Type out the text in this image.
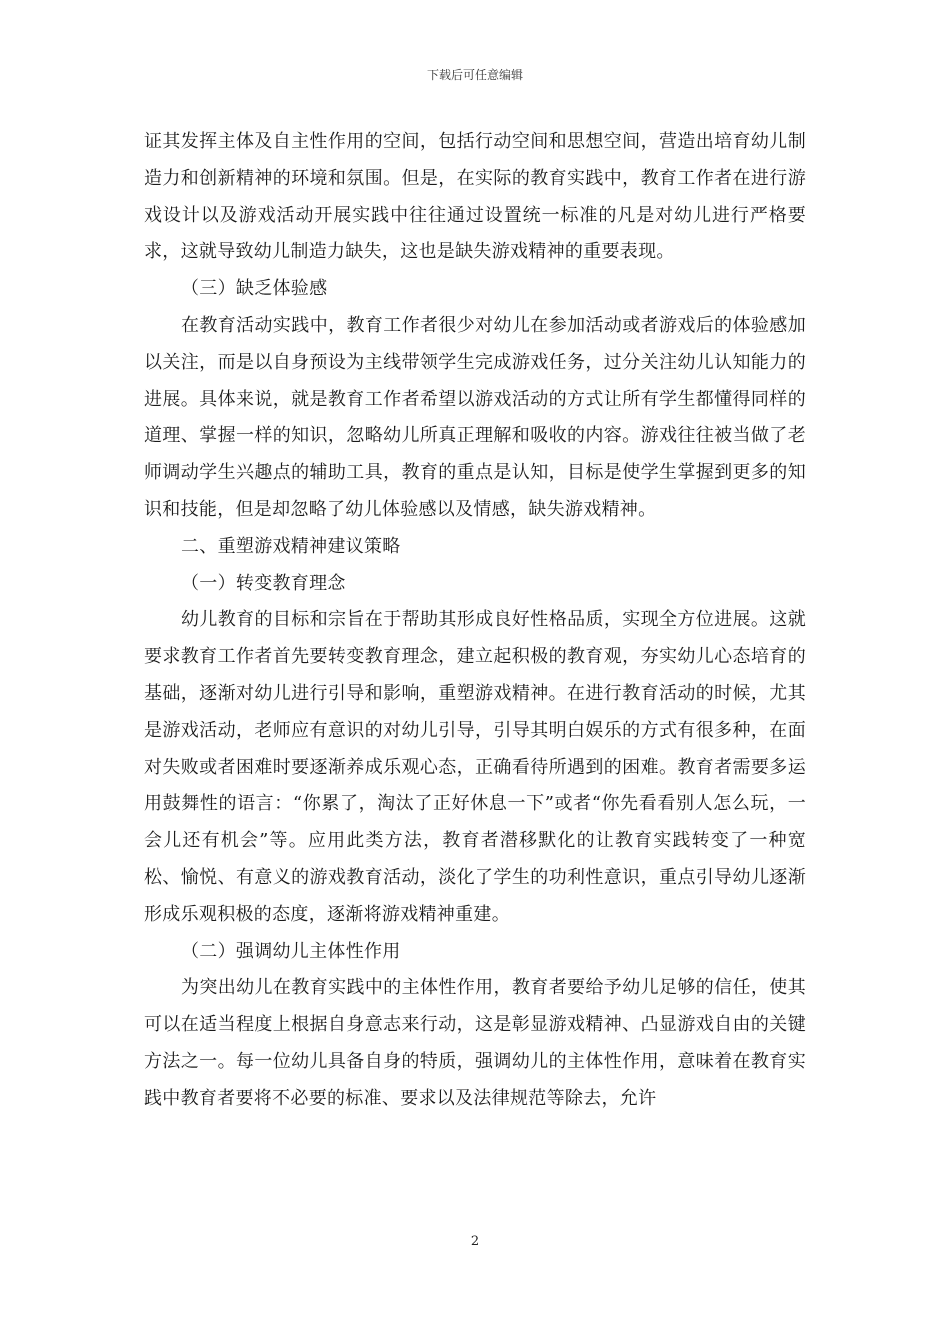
下载后可任意编辑

证其发挥主体及自主性作用的空间，包括行动空间和思想空间，营造出培育幼儿制造力和创新精神的环境和氛围。但是，在实际的教育实践中，教育工作者在进行游戏设计以及游戏活动开展实践中往往通过设置统一标准的凡是对幼儿进行严格要求，这就导致幼儿制造力缺失，这也是缺失游戏精神的重要表现。

（三）缺乏体验感

在教育活动实践中，教育工作者很少对幼儿在参加活动或者游戏后的体验感加以关注，而是以自身预设为主线带领学生完成游戏任务，过分关注幼儿认知能力的进展。具体来说，就是教育工作者希望以游戏活动的方式让所有学生都懂得同样的道理、掌握一样的知识，忽略幼儿所真正理解和吸收的内容。游戏往往被当做了老师调动学生兴趣点的辅助工具，教育的重点是认知，目标是使学生掌握到更多的知识和技能，但是却忽略了幼儿体验感以及情感，缺失游戏精神。

二、重塑游戏精神建议策略

（一）转变教育理念

幼儿教育的目标和宗旨在于帮助其形成良好性格品质，实现全方位进展。这就要求教育工作者首先要转变教育理念，建立起积极的教育观，夯实幼儿心态培育的基础，逐渐对幼儿进行引导和影响，重塑游戏精神。在进行教育活动的时候，尤其是游戏活动，老师应有意识的对幼儿引导，引导其明白娱乐的方式有很多种，在面对失败或者困难时要逐渐养成乐观心态，正确看待所遇到的困难。教育者需要多运用鼓舞性的语言：“你累了，淘汰了正好休息一下”或者“你先看看别人怎么玩，一会儿还有机会”等。应用此类方法，教育者潜移默化的让教育实践转变了一种宽松、愉悦、有意义的游戏教育活动，淡化了学生的功利性意识，重点引导幼儿逐渐形成乐观积极的态度，逐渐将游戏精神重建。

（二）强调幼儿主体性作用

为突出幼儿在教育实践中的主体性作用，教育者要给予幼儿足够的信任，使其可以在适当程度上根据自身意志来行动，这是彰显游戏精神、凸显游戏自由的关键方法之一。每一位幼儿具备自身的特质，强调幼儿的主体性作用，意味着在教育实践中教育者要将不必要的标准、要求以及法律规范等除去，允许

2
